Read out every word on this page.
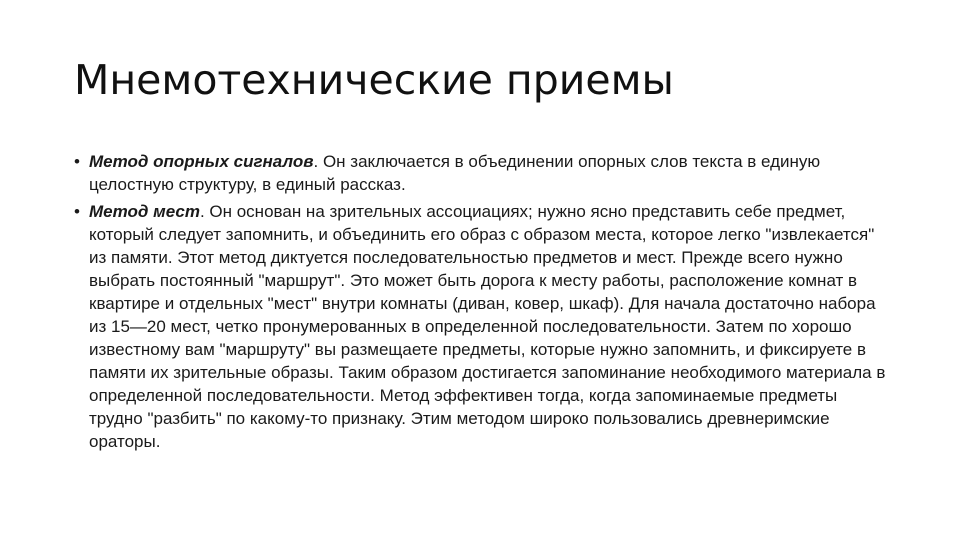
Мнемотехнические приемы
• Метод опорных сигналов. Он заключается в объединении опорных слов текста в единую целостную структуру, в единый рассказ.
• Метод мест. Он основан на зрительных ассоциациях; нужно ясно представить себе предмет, который следует запомнить, и объединить его образ с образом места, которое легко "извлекается" из памяти. Этот метод диктуется последовательностью предметов и мест. Прежде всего нужно выбрать постоянный "маршрут". Это может быть дорога к месту работы, расположение комнат в квартире и отдельных "мест" внутри комнаты (диван, ковер, шкаф). Для начала достаточно набора из 15—20 мест, четко пронумерованных в определенной последовательности. Затем по хорошо известному вам "маршруту" вы размещаете предметы, которые нужно запомнить, и фиксируете в памяти их зрительные образы. Таким образом достигается запоминание необходимого материала в определенной последовательности. Метод эффективен тогда, когда запоминаемые предметы трудно "разбить" по какому-то признаку. Этим методом широко пользовались древнеримские ораторы.
